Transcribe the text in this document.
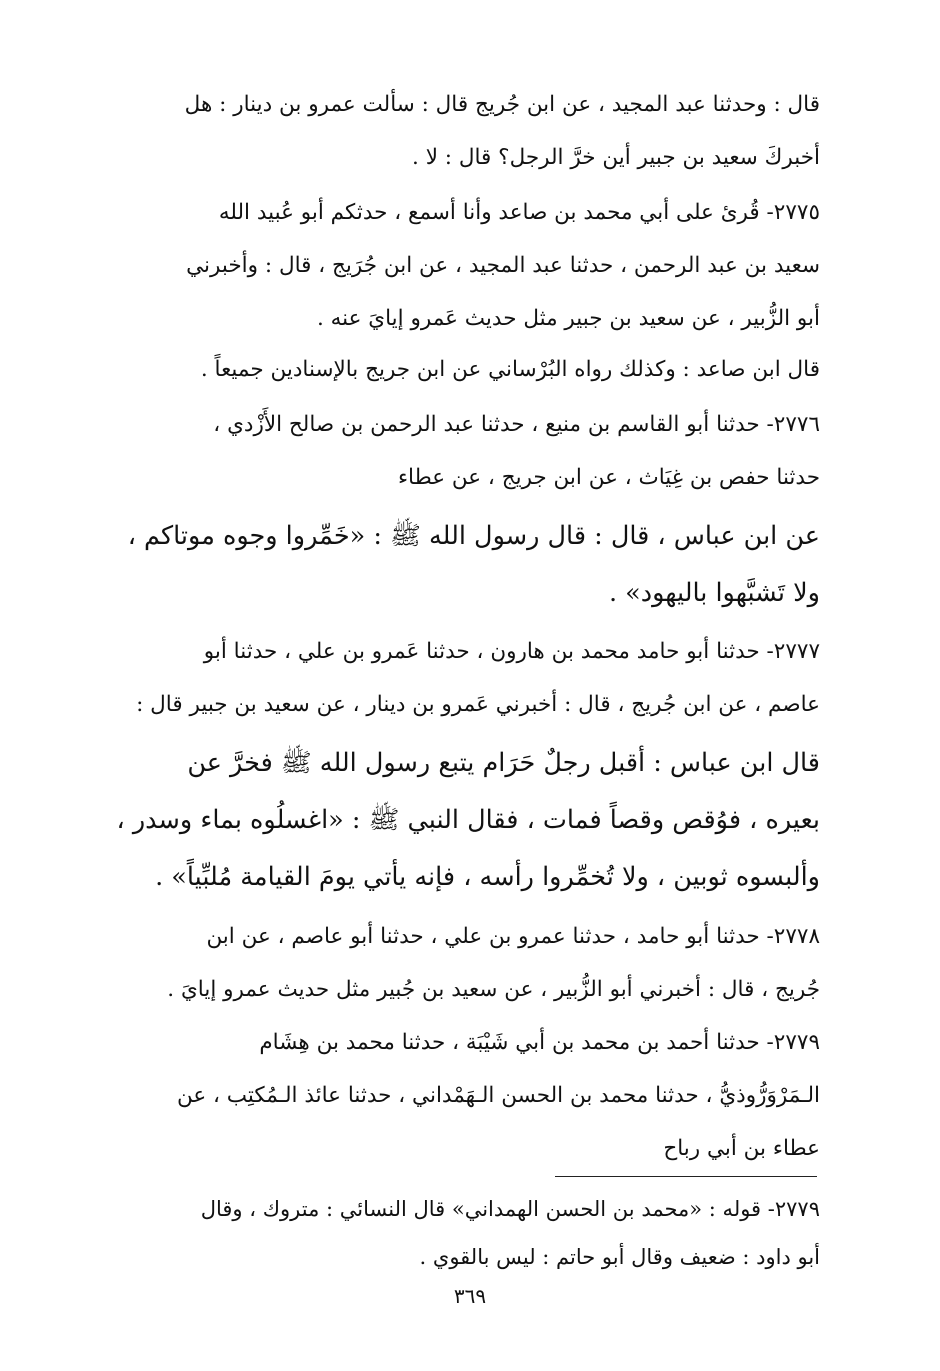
قال : وحدثنا عبد المجيد ، عن ابن جُريج قال : سألت عمرو بن دينار : هل
أخبركَ سعيد بن جبير أين خرَّ الرجل؟ قال : لا .

٢٧٧٥- قُرئ على أبي محمد بن صاعد وأنا أسمع ، حدثكم أبو عُبيد الله
سعيد بن عبد الرحمن ، حدثنا عبد المجيد ، عن ابن جُرَيج ، قال : وأخبرني
أبو الزُّبير ، عن سعيد بن جبير مثل حديث عَمرو إيايَ عنه .

قال ابن صاعد : وكذلك رواه البُرْساني عن ابن جريج بالإسنادين جميعاً .

٢٧٧٦- حدثنا أبو القاسم بن منيع ، حدثنا عبد الرحمن بن صالح الأَزْدي ،
حدثنا حفص بن غِيَاث ، عن ابن جريج ، عن عطاء

عن ابن عباس ، قال : قال رسول الله ﷺ : «خَمِّروا وجوه موتاكم ،
ولا تَشبَّهوا باليهود» .

٢٧٧٧- حدثنا أبو حامد محمد بن هارون ، حدثنا عَمرو بن علي ، حدثنا أبو
عاصم ، عن ابن جُريج ، قال : أخبرني عَمرو بن دينار ، عن سعيد بن جبير قال :

قال ابن عباس : أقبل رجلٌ حَرَام يتبع رسول الله ﷺ فخرَّ عن
بعيره ، فوُقص وقصاً فمات ، فقال النبي ﷺ : «اغسلُوه بماء وسدر ،
وألبسوه ثوبين ، ولا تُخمِّروا رأسه ، فإنه يأتي يومَ القيامة مُلبِّياً» .

٢٧٧٨- حدثنا أبو حامد ، حدثنا عمرو بن علي ، حدثنا أبو عاصم ، عن ابن
جُريج ، قال : أخبرني أبو الزُّبير ، عن سعيد بن جُبير مثل حديث عمرو إيايَ .

٢٧٧٩- حدثنا أحمد بن محمد بن أبي شَيْبَة ، حدثنا محمد بن هِشَام
الـمَرْوَرُّوذيُّ ، حدثنا محمد بن الحسن الـهَمْداني ، حدثنا عائذ الـمُكتِب ، عن
عطاء بن أبي رباح

٢٧٧٩- قوله : «محمد بن الحسن الهمداني» قال النسائي : متروك ، وقال
أبو داود : ضعيف وقال أبو حاتم : ليس بالقوي .

٣٦٩
